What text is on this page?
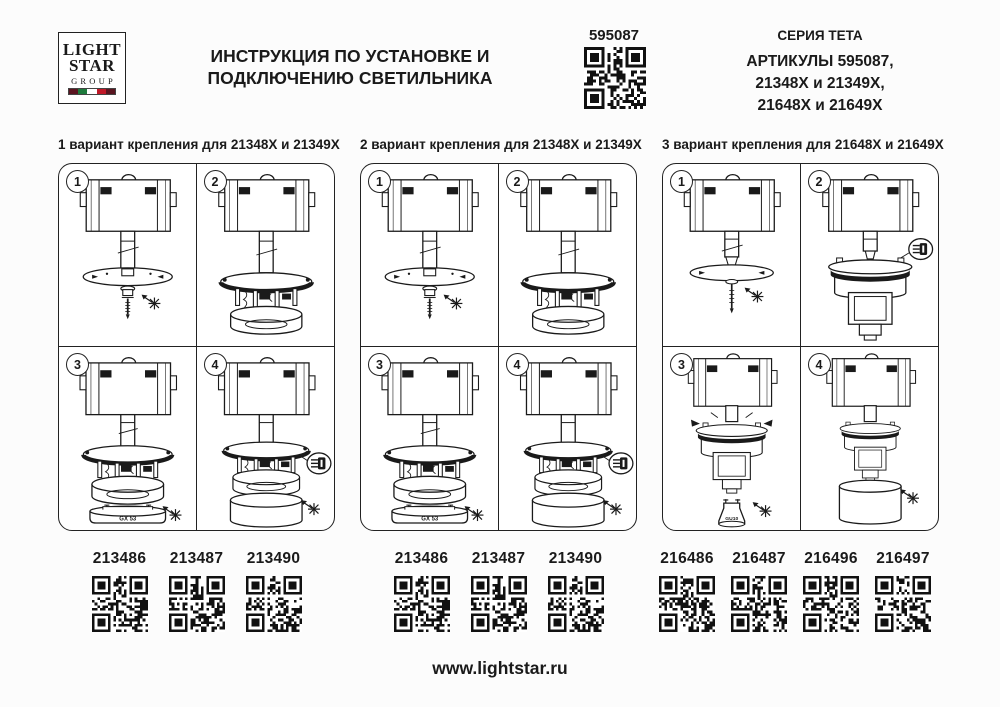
LIGHT
STAR
GROUP
ИНСТРУКЦИЯ ПО УСТАНОВКЕ И
ПОДКЛЮЧЕНИЮ СВЕТИЛЬНИКА
595087	СЕРИЯ TETA
АРТИКУЛЫ 595087,
21348X и 21349X,
21648X и 21649X
1 вариант крепления для 21348X и 21349X 2 вариант крепления для 21348X и 21349X 3 вариант крепления для 21648X и 21649X
1	2
3	4
1	2
3	4
1	2
3	4
213486 213487 213490	213486 213487 213490	216486 216487 216496 216497
www.lightstar.ru
